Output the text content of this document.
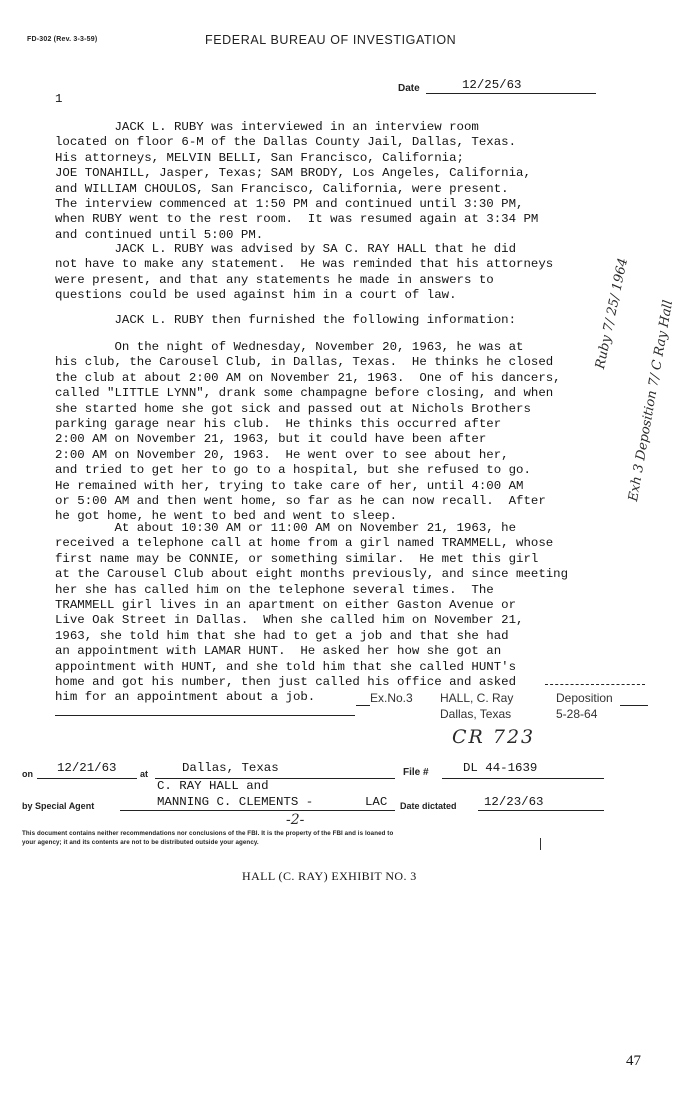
FD-302 (Rev. 3-3-59)	FEDERAL BUREAU OF INVESTIGATION
Date	12/25/63
1
JACK L. RUBY was interviewed in an interview room
located on floor 6-M of the Dallas County Jail, Dallas, Texas.
His attorneys, MELVIN BELLI, San Francisco, California;
JOE TONAHILL, Jasper, Texas; SAM BRODY, Los Angeles, California,
and WILLIAM CHOULOS, San Francisco, California, were present.
The interview commenced at 1:50 PM and continued until 3:30 PM,
when RUBY went to the rest room.  It was resumed again at 3:34 PM
and continued until 5:00 PM.
JACK L. RUBY was advised by SA C. RAY HALL that he did
not have to make any statement.  He was reminded that his attorneys
were present, and that any statements he made in answers to
questions could be used against him in a court of law.
JACK L. RUBY then furnished the following information:
On the night of Wednesday, November 20, 1963, he was at
his club, the Carousel Club, in Dallas, Texas.  He thinks he closed
the club at about 2:00 AM on November 21, 1963.  One of his dancers,
called "LITTLE LYNN", drank some champagne before closing, and when
she started home she got sick and passed out at Nichols Brothers
parking garage near his club.  He thinks this occurred after
2:00 AM on November 21, 1963, but it could have been after
2:00 AM on November 20, 1963.  He went over to see about her,
and tried to get her to go to a hospital, but she refused to go.
He remained with her, trying to take care of her, until 4:00 AM
or 5:00 AM and then went home, so far as he can now recall.  After
he got home, he went to bed and went to sleep.
At about 10:30 AM or 11:00 AM on November 21, 1963, he
received a telephone call at home from a girl named TRAMMELL, whose
first name may be CONNIE, or something similar.  He met this girl
at the Carousel Club about eight months previously, and since meeting
her she has called him on the telephone several times.  The
TRAMMELL girl lives in an apartment on either Gaston Avenue or
Live Oak Street in Dallas.  When she called him on November 21,
1963, she told him that she had to get a job and that she had
an appointment with LAMAR HUNT.  He asked her how she got an
appointment with HUNT, and she told him that she called HUNT's
home and got his number, then just called his office and asked
him for an appointment about a job.
Ruby 7/ 25/ 1964
Exh 3 Deposition 7/ C Ray Hall
Ex.No.3 HALL, C. Ray	Deposition
Dallas, Texas	5-28-64
CR 723
on 12/21/63	at	Dallas, Texas	File #	DL 44-1639
C. RAY HALL and
by Special Agent	MANNING C. CLEMENTS -	LAC Date dictated 12/23/63
-2-
This document contains neither recommendations nor conclusions of the FBI. It is the property of the FBI and is loaned to
your agency; it and its contents are not to be distributed outside your agency.
HALL (C. RAY) EXHIBIT NO. 3
47
